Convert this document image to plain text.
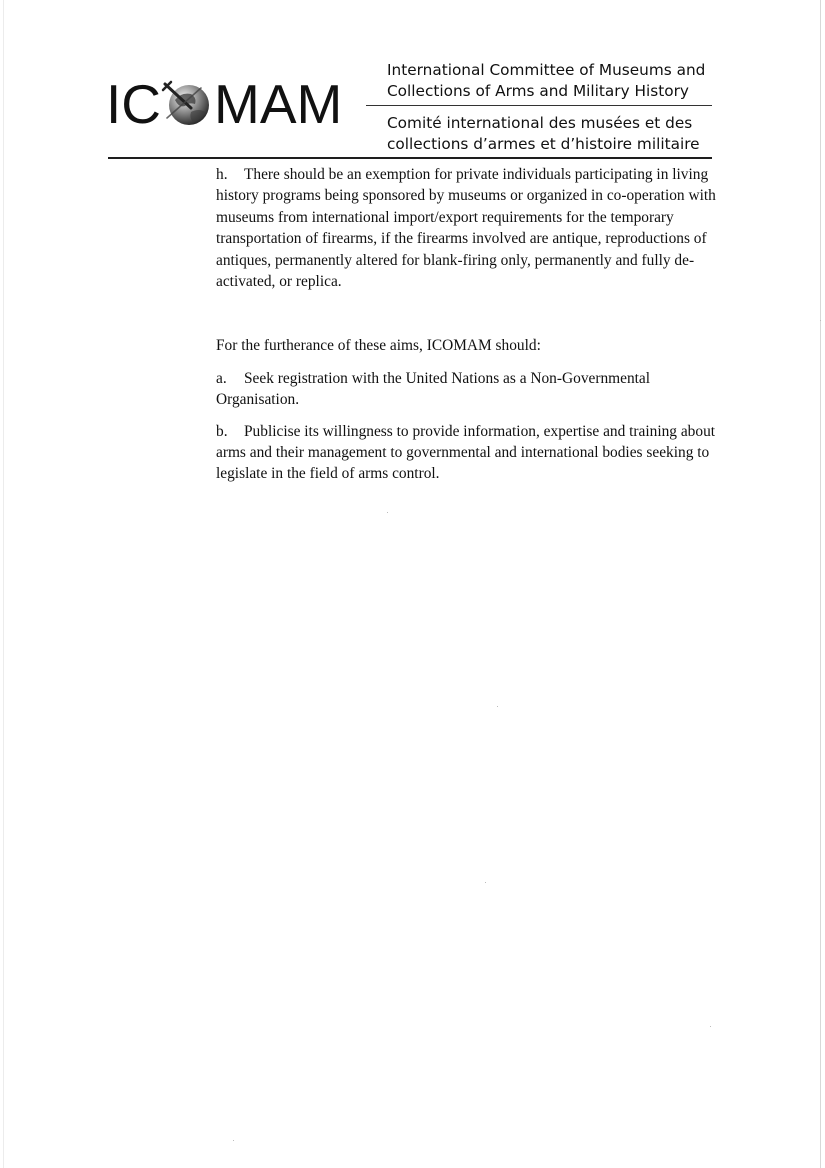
IC MAM
International Committee of Museums and
Collections of Arms and Military History
Comité international des musées et des
collections d’armes et d’histoire militaire

h. There should be an exemption for private individuals participating in living history programs being sponsored by museums or organized in co-operation with museums from international import/export requirements for the temporary transportation of firearms, if the firearms involved are antique, reproductions of antiques, permanently altered for blank-firing only, permanently and fully de-activated, or replica.

For the furtherance of these aims, ICOMAM should:

a. Seek registration with the United Nations as a Non-Governmental Organisation.

b. Publicise its willingness to provide information, expertise and training about arms and their management to governmental and international bodies seeking to legislate in the field of arms control.
